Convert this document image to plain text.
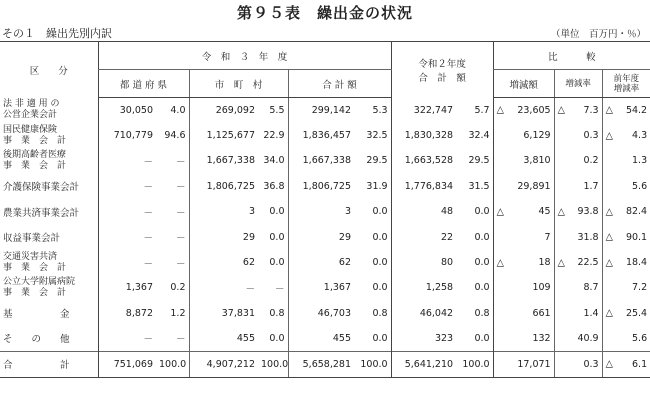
第９５表　繰出金の状況
その１　繰出先別内訳	（単位　百万円・％）
区　　分	令　和　３　年　度						令和２年度
合　計　額		比　　　較		
	都 道 府 県		市　町　村		合 計 額				増減額	増減率	前年度
増減率

法 非 適 用 の
公営企業会計	30,050	4.0	269,092	5.5	299,142	5.3	322,747	5.7	△ 23,605	△ 7.3	△ 54.2

国民健康保険
事　業　会　計	710,779	94.6	1,125,677	22.9	1,836,457	32.5	1,830,328	32.4	6,129	0.3	△ 4.3

後期高齢者医療
事　業　会　計	－	－	1,667,338	34.0	1,667,338	29.5	1,663,528	29.5	3,810	0.2	1.3
介護保険事業会計	－	－	1,806,725	36.8	1,806,725	31.9	1,776,834	31.5	29,891	1.7	5.6
農業共済事業会計	－	－	3	0.0	3	0.0	48	0.0	△ 45	△ 93.8	△ 82.4
収益事業会計	－	－	29	0.0	29	0.0	22	0.0	7	31.8	△ 90.1

交通災害共済
事　業　会　計	－	－	62	0.0	62	0.0	80	0.0	△ 18	△ 22.5	△ 18.4

公立大学附属病院
事　業　会　計	1,367	0.2	－	－	1,367	0.0	1,258	0.0	109	8.7	7.2
基　　　　　金	8,872	1.2	37,831	0.8	46,703	0.8	46,042	0.8	661	1.4	△ 25.4
そ　　の　　他	－	－	455	0.0	455	0.0	323	0.0	132	40.9	5.6
合　　　　　計	751,069	100.0	4,907,212	100.0	5,658,281	100.0	5,641,210	100.0	17,071	0.3	△ 6.1
